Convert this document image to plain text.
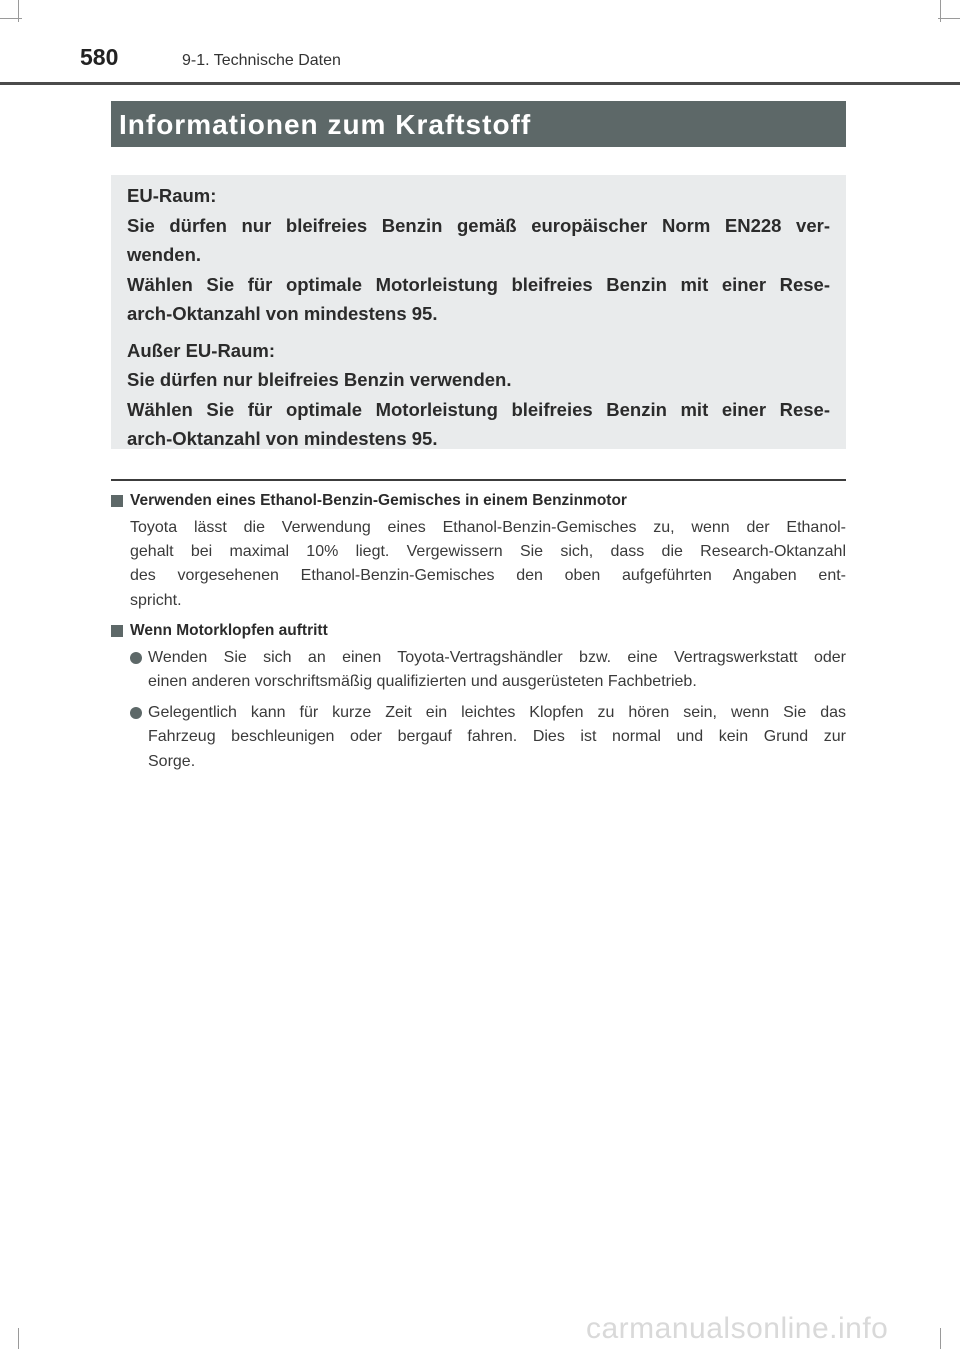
580	9-1. Technische Daten
Informationen zum Kraftstoff

EU-Raum:

Sie dürfen nur bleifreies Benzin gemäß europäischer Norm EN228 ver-

wenden.

Wählen Sie für optimale Motorleistung bleifreies Benzin mit einer Rese-

arch-Oktanzahl von mindestens 95.

Außer EU-Raum:

Sie dürfen nur bleifreies Benzin verwenden.

Wählen Sie für optimale Motorleistung bleifreies Benzin mit einer Rese-

arch-Oktanzahl von mindestens 95.

Verwenden eines Ethanol-Benzin-Gemisches in einem Benzinmotor
Toyota lässt die Verwendung eines Ethanol-Benzin-Gemisches zu, wenn der Ethanol-
gehalt bei maximal 10% liegt. Vergewissern Sie sich, dass die Research-Oktanzahl
des vorgesehenen Ethanol-Benzin-Gemisches den oben aufgeführten Angaben ent-
spricht.
Wenn Motorklopfen auftritt
Wenden Sie sich an einen Toyota-Vertragshändler bzw. eine Vertragswerkstatt oder
einen anderen vorschriftsmäßig qualifizierten und ausgerüsteten Fachbetrieb.
Gelegentlich kann für kurze Zeit ein leichtes Klopfen zu hören sein, wenn Sie das
Fahrzeug beschleunigen oder bergauf fahren. Dies ist normal und kein Grund zur
Sorge.
carmanualsonline.info
